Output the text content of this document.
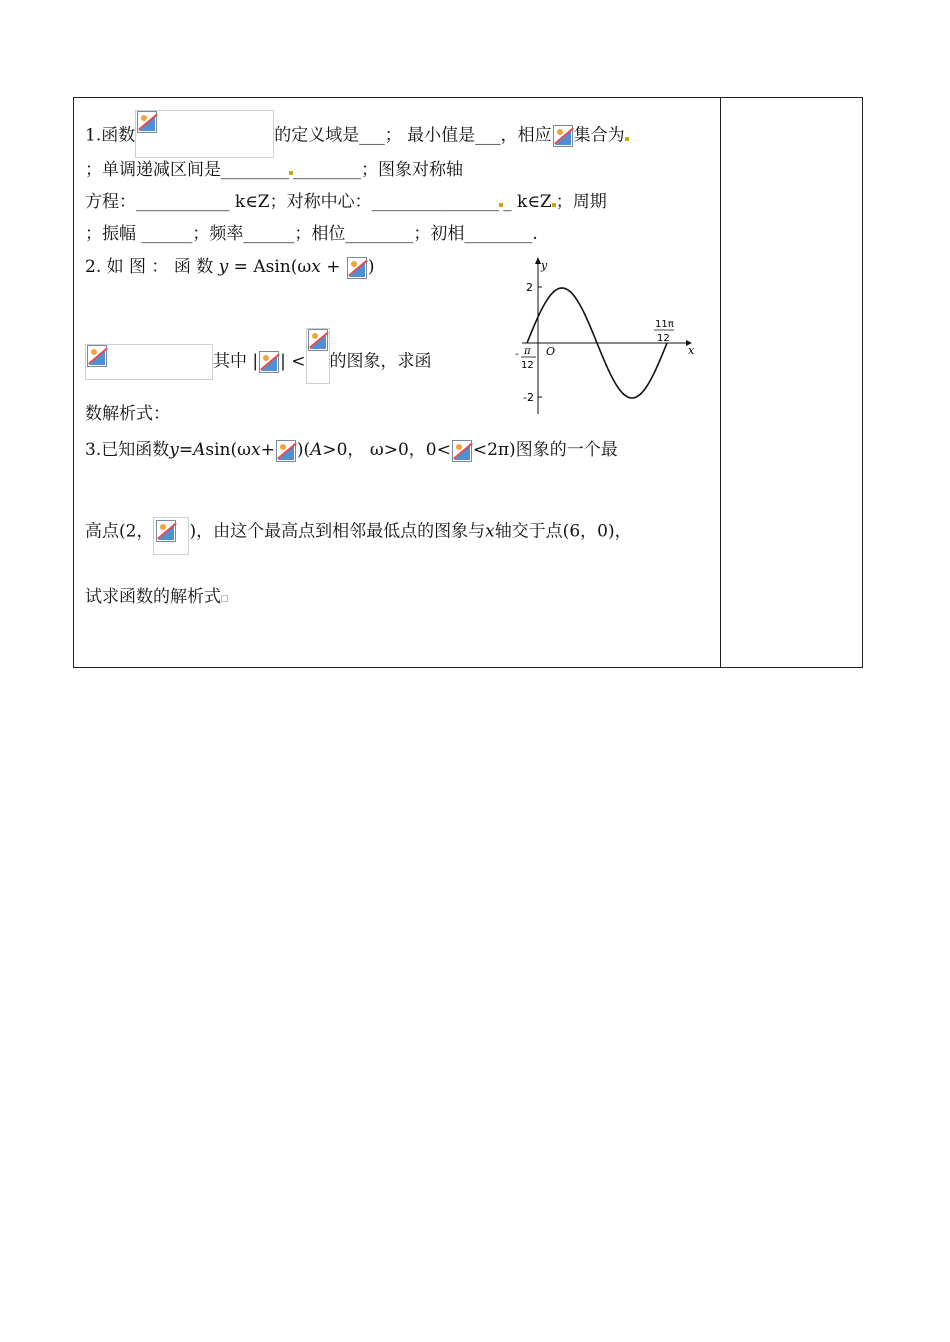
1.函数	的定义域是___； 最小值是___，相应 集合为
；单调递减区间是________ ________；图象对称轴
方程：___________ k∈Z；对称中心：_______________ _ k∈Z ；周期
；振幅 ______；频率______；相位________；初相________.
2. 如 图 ： 函 数 y = Asin(ωx + )
其中 | | < 的图象，求函
数解析式：
y
x
O
2
-2
- π
12
11π
12
3.已知函数y=Asin(ωx+ )(A>0， ω>0，0< <2π)图象的一个最
高点(2， )，由这个最高点到相邻最低点的图象与x轴交于点(6，0)，
试求函数的解析式
